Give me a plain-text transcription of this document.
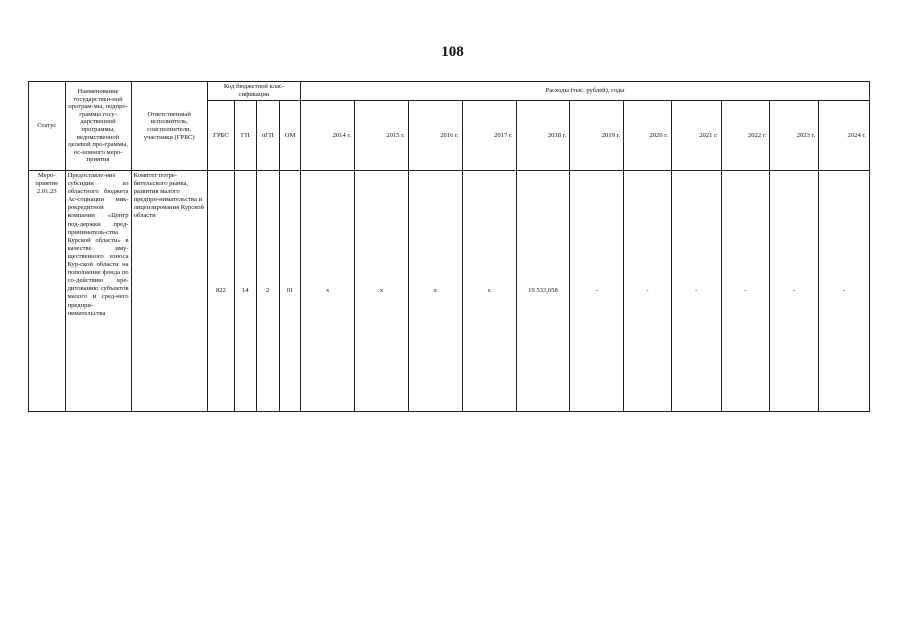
108
Статус	Наименование государствен-ной програм-мы, подпро-граммы госу-дарственной программы, ведомственной целевой про-граммы, ос-новного меро-приятия	Ответственный исполнитель, соисполнители, участники (ГРБС)	Код бюджетной клас-сификации				Расходы (тыс. рублей), годы										
			ГРБС	ГП	пГП	ОМ	2014 г.	2015 г.	2016 г.	2017 г.	2018 г.	2019 г.	2020 г.	2021 г.	2022 г.	2023 г.	2024 г.
Меро-приятие 2.01.23	Предоставле-ние субсидии из областного бюджета Ас-социации мик-рокредитной компании «Центр под-держки пред-приниматель-ства Курской области» в качестве иму-щественного взноса Кур-ской области на пополнение фонда по со-действию кре-дитованию субъектов малого и сред-него предпри-нимательства	Комитет потре-бительского рынка, развития малого предпри-нимательства и лицензирования Курской области	822	14	2	01	х	х	х	х	19 533,658	-	-	-	-	-	-
